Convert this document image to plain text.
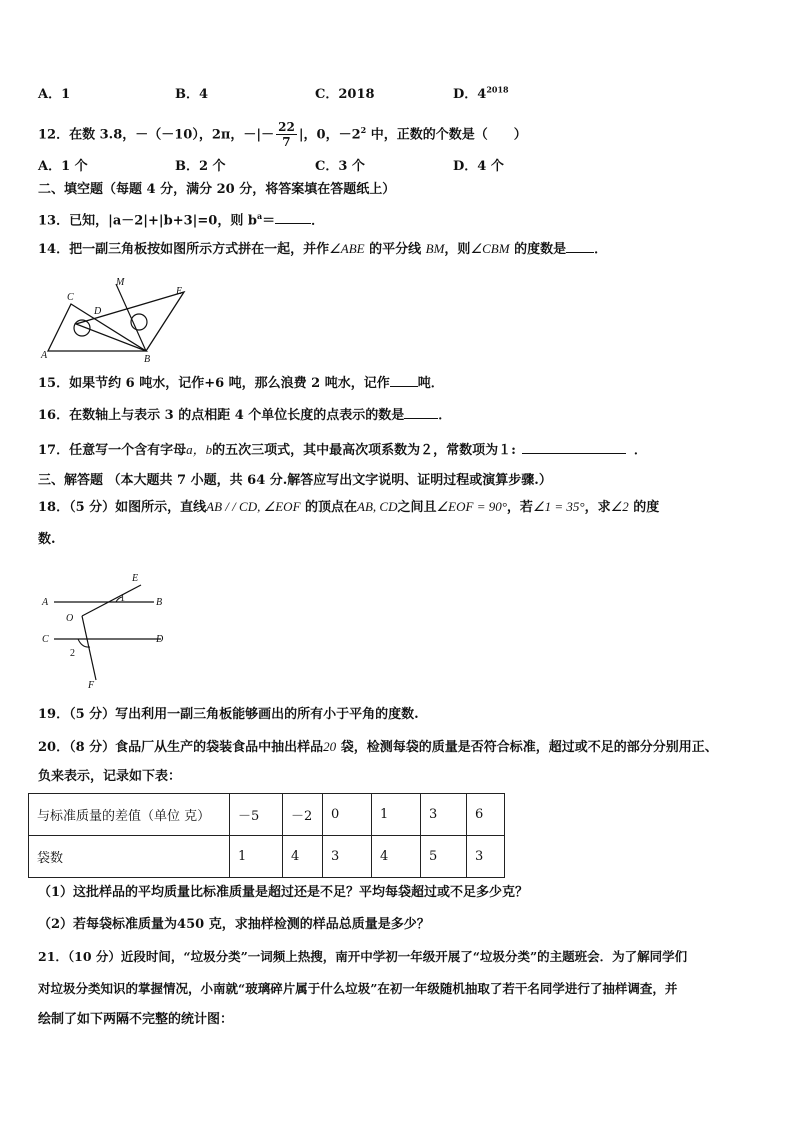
A．1	B．4	C．2018	D．$4^{2018}$
12．在数 3.8，－（－10），2π，－|－ $\frac{22}{7}$ |，0，$-2^2$ 中，正数的个数是（　　）
A．1 个	B．2 个	C．3 个	D．4 个
二、填空题（每题 4 分，满分 20 分，将答案填在答题纸上）
13．已知，|a－2|+|b+3|=0，则 $b^a=$	．
14．把一副三角板按如图所示方式拼在一起，并作∠ABE 的平分线 BM，则∠CBM 的度数是 ．
C
D
A	B
M
E
15．如果节约 6 吨水，记作+6 吨，那么浪费 2 吨水，记作 吨．
16．在数轴上与表示 3 的点相距 4 个单位长度的点表示的数是	．
17．任意写一个含有字母a，b的五次三项式，其中最高次项系数为２，常数项为１:	．
三、解答题 （本大题共 7 小题，共 64 分.解答应写出文字说明、证明过程或演算步骤.）
18．（5 分）如图所示，直线AB / / CD, ∠EOF 的顶点在AB, CD之间且∠EOF = 90°，若∠1 = 35°，求∠2 的度
数.
E
A	B
O
C	D
F
1
2
19．（5 分）写出利用一副三角板能够画出的所有小于平角的度数.
20．（8 分）食品厂从生产的袋装食品中抽出样品20 袋，检测每袋的质量是否符合标准，超过或不足的部分分别用正、
负来表示，记录如下表：
与标准质量的差值（单位 克）	－5	－2	0	1	3	6
袋数	1	4	3	4	5	3
（1）这批样品的平均质量比标准质量是超过还是不足？平均每袋超过或不足多少克？
（2）若每袋标准质量为450 克，求抽样检测的样品总质量是多少？
21．（10 分）近段时间，“垃圾分类”一词频上热搜，南开中学初一年级开展了“垃圾分类”的主题班会．为了解同学们
对垃圾分类知识的掌握情况，小南就“玻璃碎片属于什么垃圾”在初一年级随机抽取了若干名同学进行了抽样调查，并
绘制了如下两隔不完整的统计图：
